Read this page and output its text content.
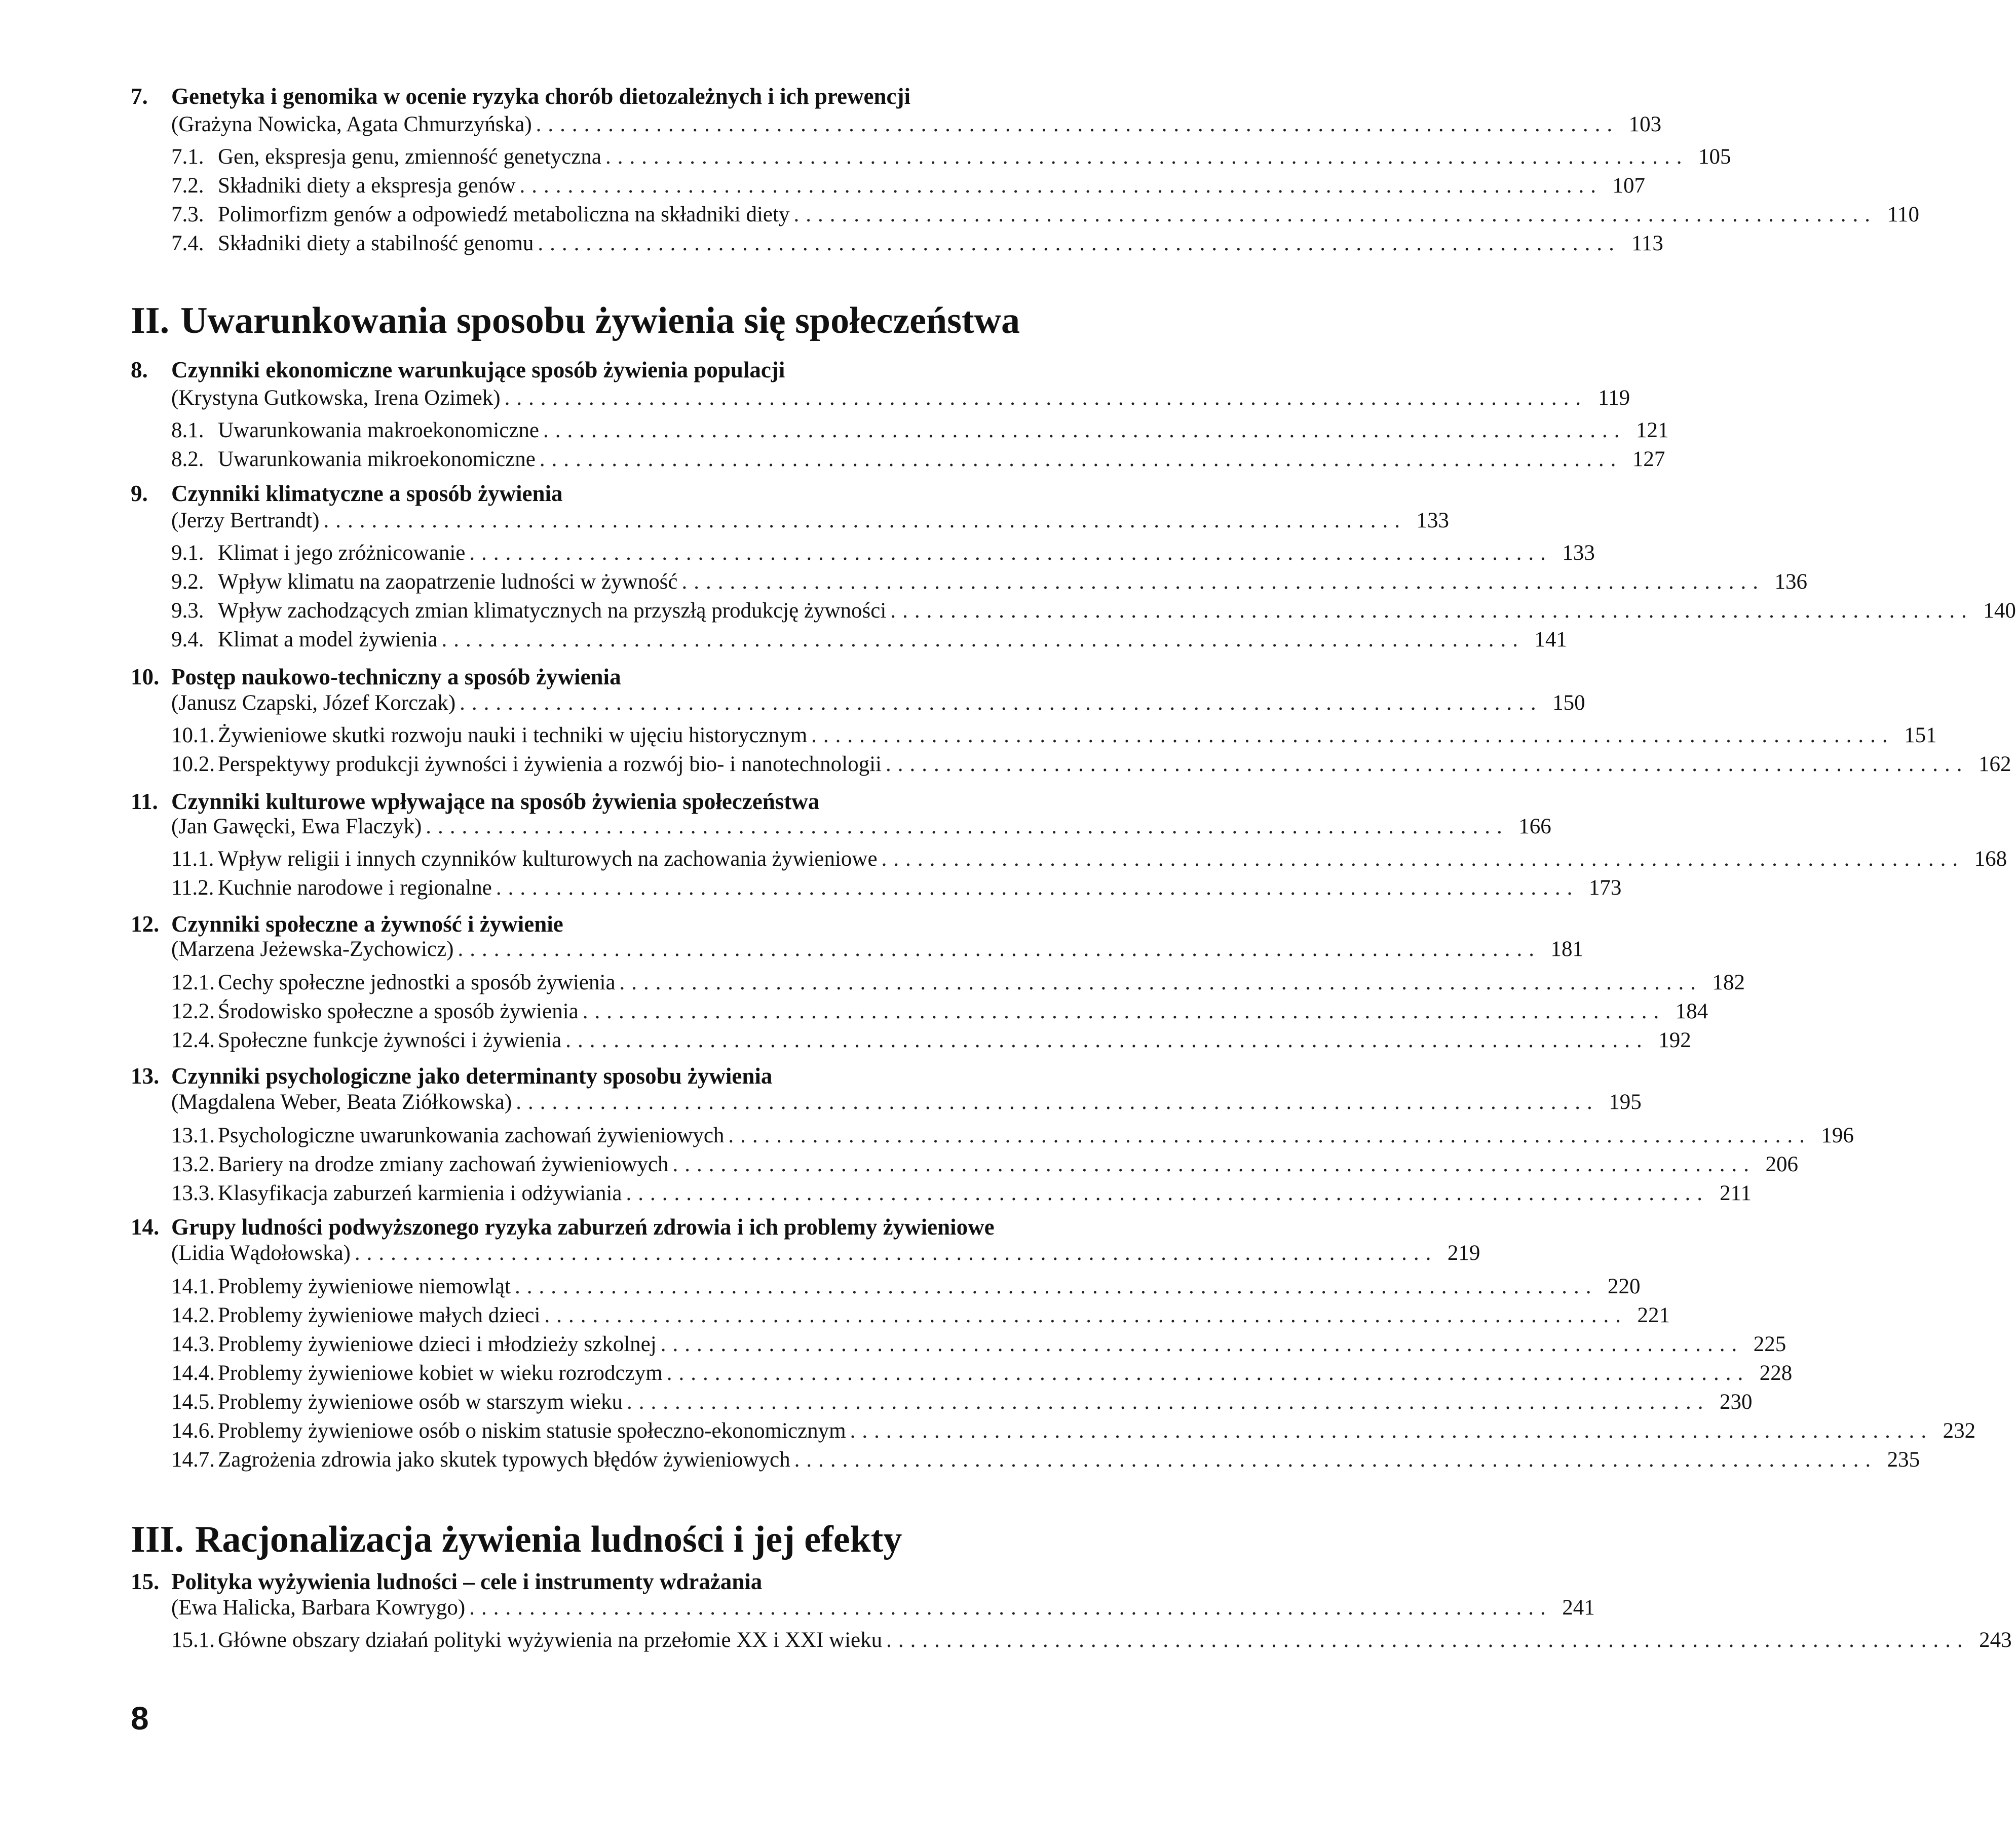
7. Genetyka i genomika w ocenie ryzyka chorób dietozależnych i ich prewencji
(Grażyna Nowicka, Agata Chmurzyńska) .......................................................................................... 103
7.1. Gen, ekspresja genu, zmienność genetyczna .......................................................................................... 105
7.2. Składniki diety a ekspresja genów .......................................................................................... 107
7.3. Polimorfizm genów a odpowiedź metaboliczna na składniki diety .......................................................................................... 110
7.4. Składniki diety a stabilność genomu .......................................................................................... 113
II. Uwarunkowania sposobu żywienia się społeczeństwa
8. Czynniki ekonomiczne warunkujące sposób żywienia populacji
(Krystyna Gutkowska, Irena Ozimek) .......................................................................................... 119
8.1. Uwarunkowania makroekonomiczne .......................................................................................... 121
8.2. Uwarunkowania mikroekonomiczne .......................................................................................... 127
9. Czynniki klimatyczne a sposób żywienia
(Jerzy Bertrandt) .......................................................................................... 133
9.1. Klimat i jego zróżnicowanie .......................................................................................... 133
9.2. Wpływ klimatu na zaopatrzenie ludności w żywność .......................................................................................... 136
9.3. Wpływ zachodzących zmian klimatycznych na przyszłą produkcję żywności .......................................................................................... 140
9.4. Klimat a model żywienia .......................................................................................... 141
10. Postęp naukowo-techniczny a sposób żywienia
(Janusz Czapski, Józef Korczak) .......................................................................................... 150
10.1. Żywieniowe skutki rozwoju nauki i techniki w ujęciu historycznym .......................................................................................... 151
10.2. Perspektywy produkcji żywności i żywienia a rozwój bio- i nanotechnologii .......................................................................................... 162
11. Czynniki kulturowe wpływające na sposób żywienia społeczeństwa
(Jan Gawęcki, Ewa Flaczyk) .......................................................................................... 166
11.1. Wpływ religii i innych czynników kulturowych na zachowania żywieniowe .......................................................................................... 168
11.2. Kuchnie narodowe i regionalne .......................................................................................... 173
12. Czynniki społeczne a żywność i żywienie
(Marzena Jeżewska-Zychowicz) .......................................................................................... 181
12.1. Cechy społeczne jednostki a sposób żywienia .......................................................................................... 182
12.2. Środowisko społeczne a sposób żywienia .......................................................................................... 184
12.4. Społeczne funkcje żywności i żywienia .......................................................................................... 192
13. Czynniki psychologiczne jako determinanty sposobu żywienia
(Magdalena Weber, Beata Ziółkowska) .......................................................................................... 195
13.1. Psychologiczne uwarunkowania zachowań żywieniowych .......................................................................................... 196
13.2. Bariery na drodze zmiany zachowań żywieniowych .......................................................................................... 206
13.3. Klasyfikacja zaburzeń karmienia i odżywiania .......................................................................................... 211
14. Grupy ludności podwyższonego ryzyka zaburzeń zdrowia i ich problemy żywieniowe
(Lidia Wądołowska) .......................................................................................... 219
14.1. Problemy żywieniowe niemowląt .......................................................................................... 220
14.2. Problemy żywieniowe małych dzieci .......................................................................................... 221
14.3. Problemy żywieniowe dzieci i młodzieży szkolnej .......................................................................................... 225
14.4. Problemy żywieniowe kobiet w wieku rozrodczym .......................................................................................... 228
14.5. Problemy żywieniowe osób w starszym wieku .......................................................................................... 230
14.6. Problemy żywieniowe osób o niskim statusie społeczno-ekonomicznym .......................................................................................... 232
14.7. Zagrożenia zdrowia jako skutek typowych błędów żywieniowych .......................................................................................... 235
III. Racjonalizacja żywienia ludności i jej efekty
15. Polityka wyżywienia ludności – cele i instrumenty wdrażania
(Ewa Halicka, Barbara Kowrygo) .......................................................................................... 241
15.1. Główne obszary działań polityki wyżywienia na przełomie XX i XXI wieku .......................................................................................... 243
8
